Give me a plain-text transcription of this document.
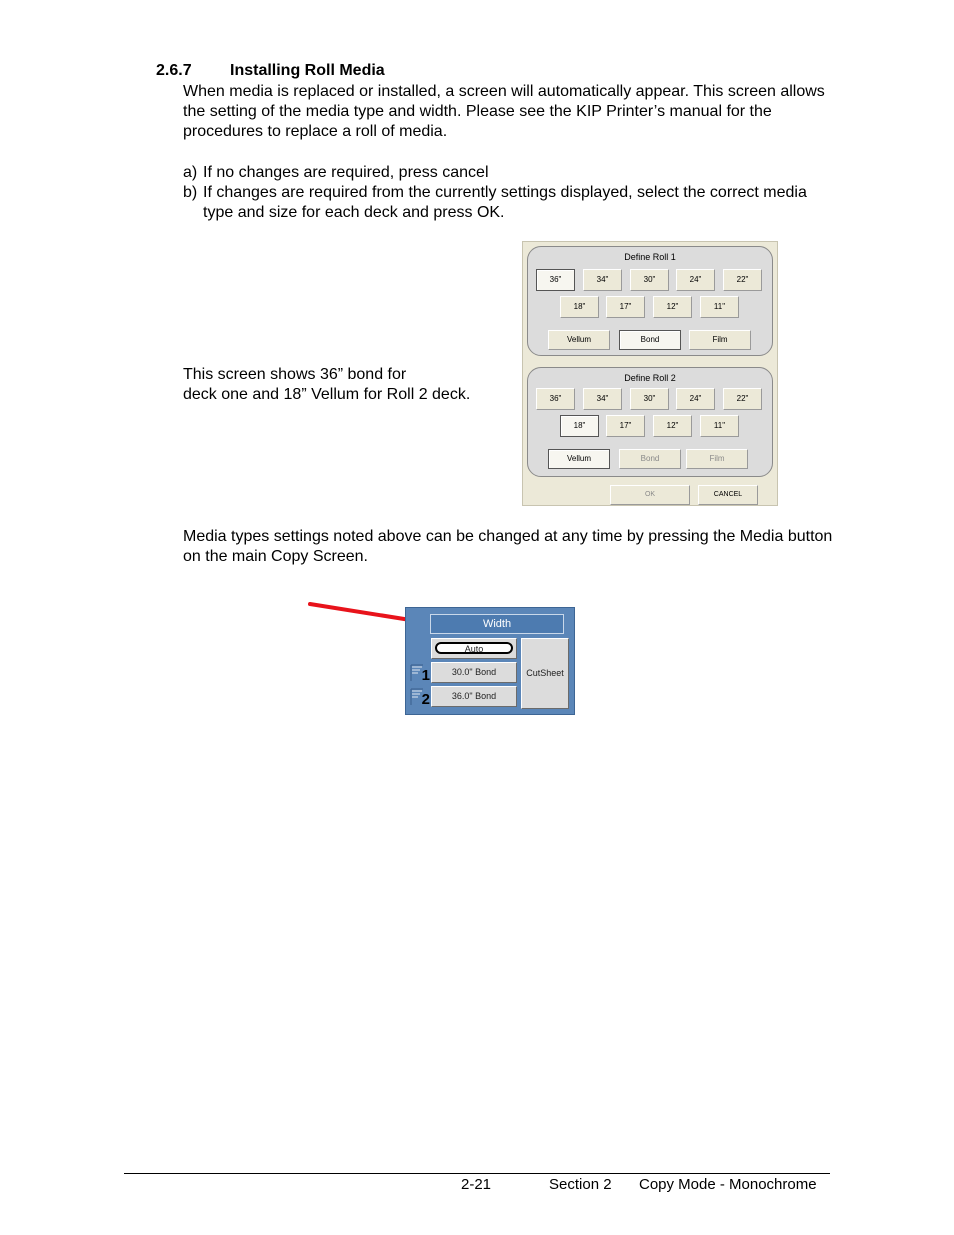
2.6.7 Installing Roll Media
When media is replaced or installed, a screen will automatically appear. This screen allows the setting of the media type and width. Please see the KIP Printer’s manual for the procedures to replace a roll of media.
a) If no changes are required, press cancel
b) If changes are required from the currently settings displayed, select the correct media type and size for each deck and press OK.
This screen shows 36” bond for
deck one and 18” Vellum for Roll 2 deck.
Define Roll 1
36"	34"	30"	24"	22"
18"	17"	12"	11"
Vellum	Bond	Film
Define Roll 2
36"	34"	30"	24"	22"
18"	17"	12"	11"
Vellum	Bond	Film
OK	CANCEL
Media types settings noted above can be changed at any time by pressing the Media button on the main Copy Screen.
Width
Auto
1	30.0" Bond
2	36.0" Bond
CutSheet
2-21	Section 2 Copy Mode - Monochrome
